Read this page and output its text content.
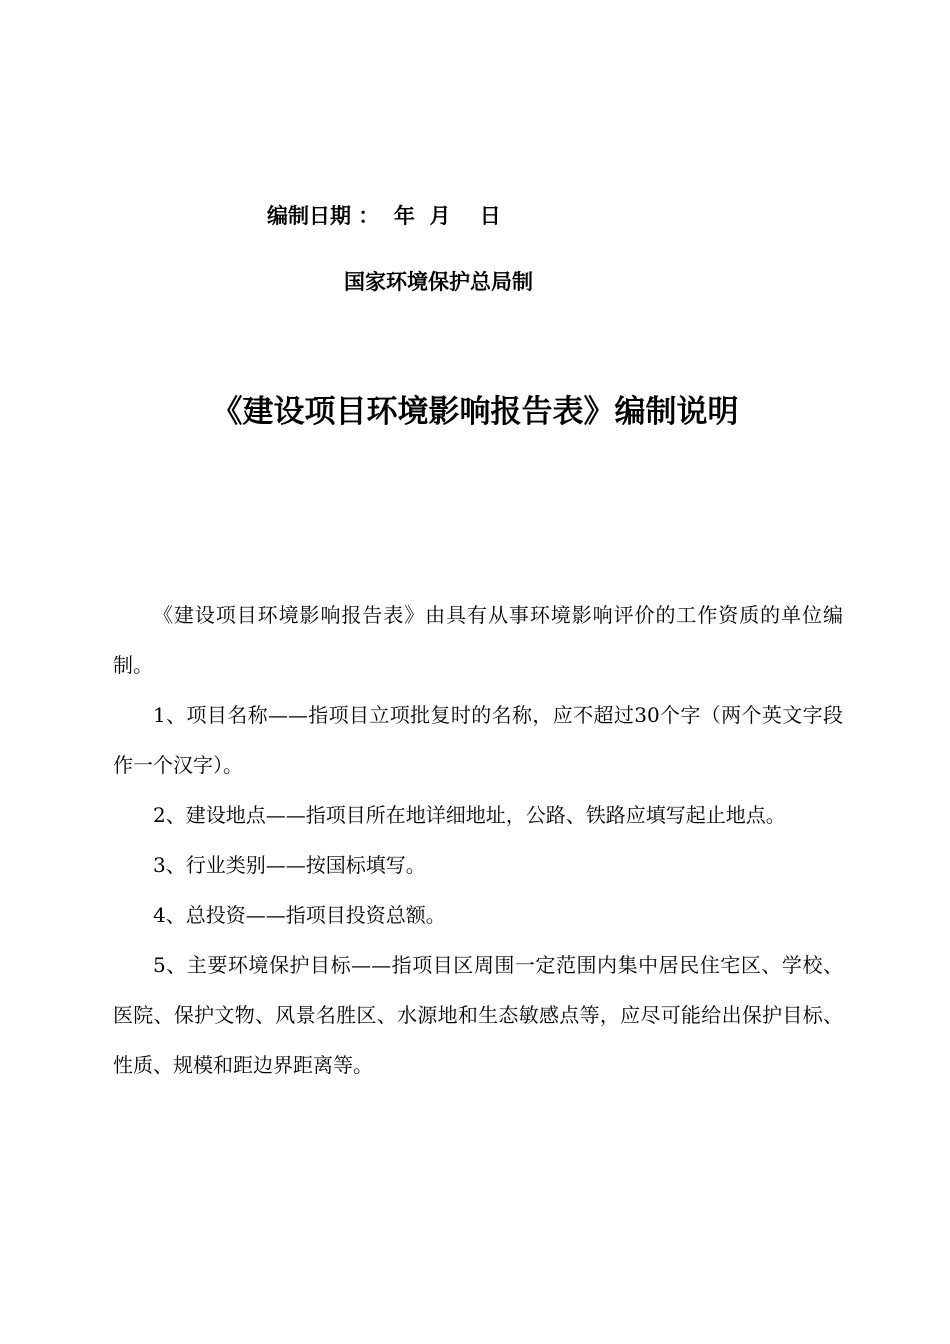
编制日期 ：  年  月    日
国家环境保护总局制
《建设项目环境影响报告表》编制说明

《建设项目环境影响报告表》由具有从事环境影响评价的工作资质的单位编制。

1、项目名称——指项目立项批复时的名称，应不超过30个字（两个英文字段作一个汉字）。

2、建设地点——指项目所在地详细地址，公路、铁路应填写起止地点。

3、行业类别——按国标填写。

4、总投资——指项目投资总额。

5、主要环境保护目标——指项目区周围一定范围内集中居民住宅区、学校、医院、保护文物、风景名胜区、水源地和生态敏感点等，应尽可能给出保护目标、性质、规模和距边界距离等。
